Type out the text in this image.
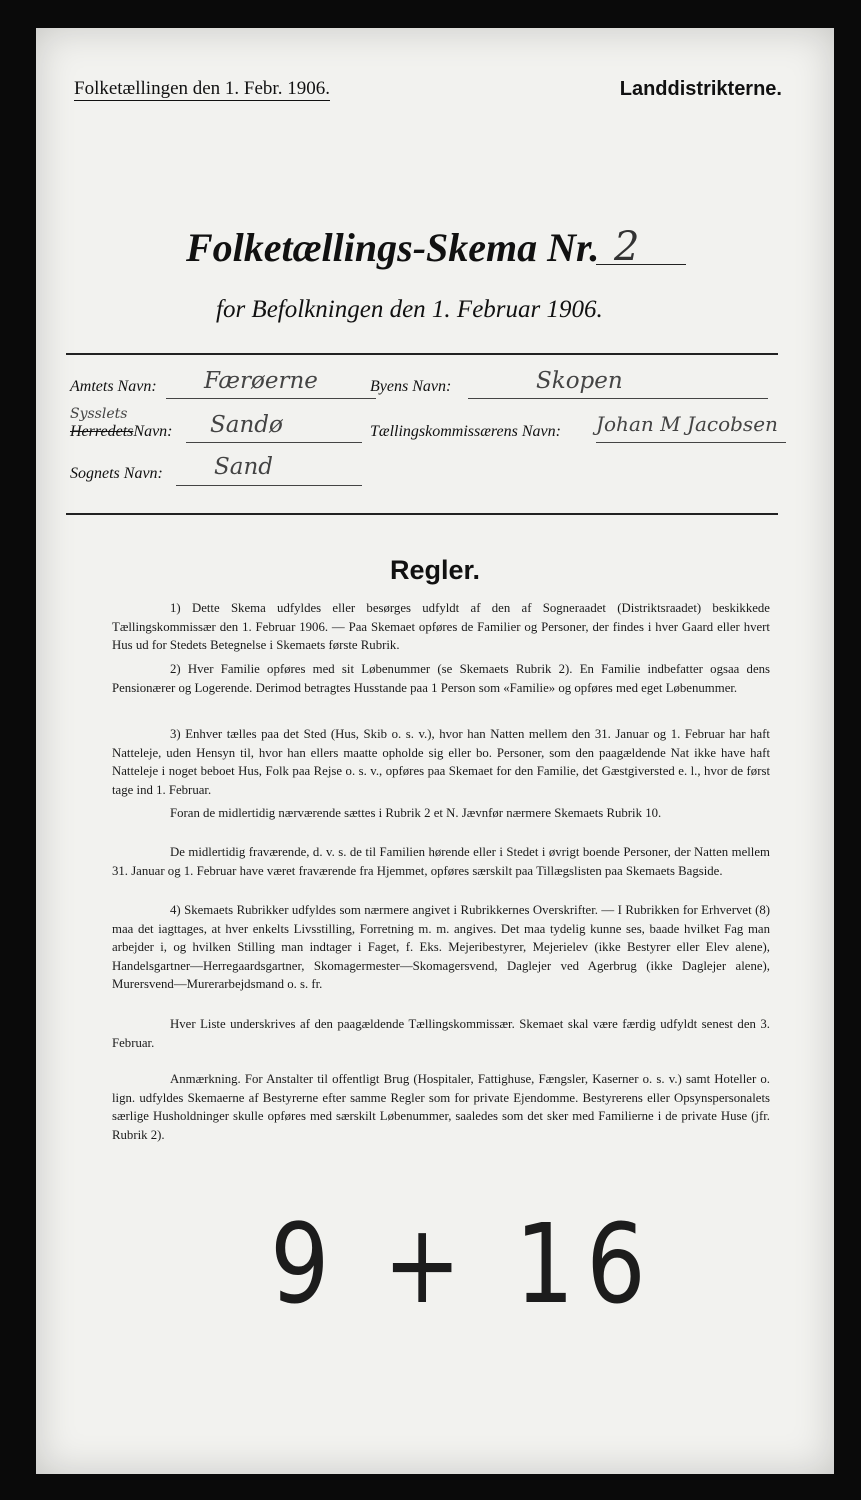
Folketællingen den 1. Febr. 1906.	Landdistrikterne.
Folketællings-Skema Nr. 2
for Befolkningen den 1. Februar 1906.
Amtets Navn: Færøerne	Byens Navn:	Skopen
Sysslets
HerredetsNavn: Sandø	Tællingskommissærens Navn: Johan M Jacobsen
Sognets Navn: Sand
Regler.
1) Dette Skema udfyldes eller besørges udfyldt af den af Sogneraadet (Distriktsraadet) beskikkede Tællingskommissær den 1. Februar 1906. — Paa Skemaet opføres de Familier og Personer, der findes i hver Gaard eller hvert Hus ud for Stedets Betegnelse i Skemaets første Rubrik.
2) Hver Familie opføres med sit Løbenummer (se Skemaets Rubrik 2). En Familie indbefatter ogsaa dens Pensionærer og Logerende. Derimod betragtes Husstande paa 1 Person som «Familie» og opføres med eget Løbenummer.
3) Enhver tælles paa det Sted (Hus, Skib o. s. v.), hvor han Natten mellem den 31. Januar og 1. Februar har haft Natteleje, uden Hensyn til, hvor han ellers maatte opholde sig eller bo. Personer, som den paagældende Nat ikke have haft Natteleje i noget beboet Hus, Folk paa Rejse o. s. v., opføres paa Skemaet for den Familie, det Gæstgiversted e. l., hvor de først tage ind 1. Februar.
Foran de midlertidig nærværende sættes i Rubrik 2 et N. Jævnfør nærmere Skemaets Rubrik 10.
De midlertidig fraværende, d. v. s. de til Familien hørende eller i Stedet i øvrigt boende Personer, der Natten mellem 31. Januar og 1. Februar have været fraværende fra Hjemmet, opføres særskilt paa Tillægslisten paa Skemaets Bagside.
4) Skemaets Rubrikker udfyldes som nærmere angivet i Rubrikkernes Overskrifter. — I Rubrikken for Erhvervet (8) maa det iagttages, at hver enkelts Livsstilling, Forretning m. m. angives. Det maa tydelig kunne ses, baade hvilket Fag man arbejder i, og hvilken Stilling man indtager i Faget, f. Eks. Mejeribestyrer, Mejerielev (ikke Bestyrer eller Elev alene), Handelsgartner—Herregaardsgartner, Skomagermester—Skomagersvend, Daglejer ved Agerbrug (ikke Daglejer alene), Murersvend—Murerarbejdsmand o. s. fr.
Hver Liste underskrives af den paagældende Tællingskommissær. Skemaet skal være færdig udfyldt senest den 3. Februar.
Anmærkning. For Anstalter til offentligt Brug (Hospitaler, Fattighuse, Fængsler, Kaserner o. s. v.) samt Hoteller o. lign. udfyldes Skemaerne af Bestyrerne efter samme Regler som for private Ejendomme. Bestyrerens eller Opsynspersonalets særlige Husholdninger skulle opføres med særskilt Løbenummer, saaledes som det sker med Familierne i de private Huse (jfr. Rubrik 2).
9 + 16
